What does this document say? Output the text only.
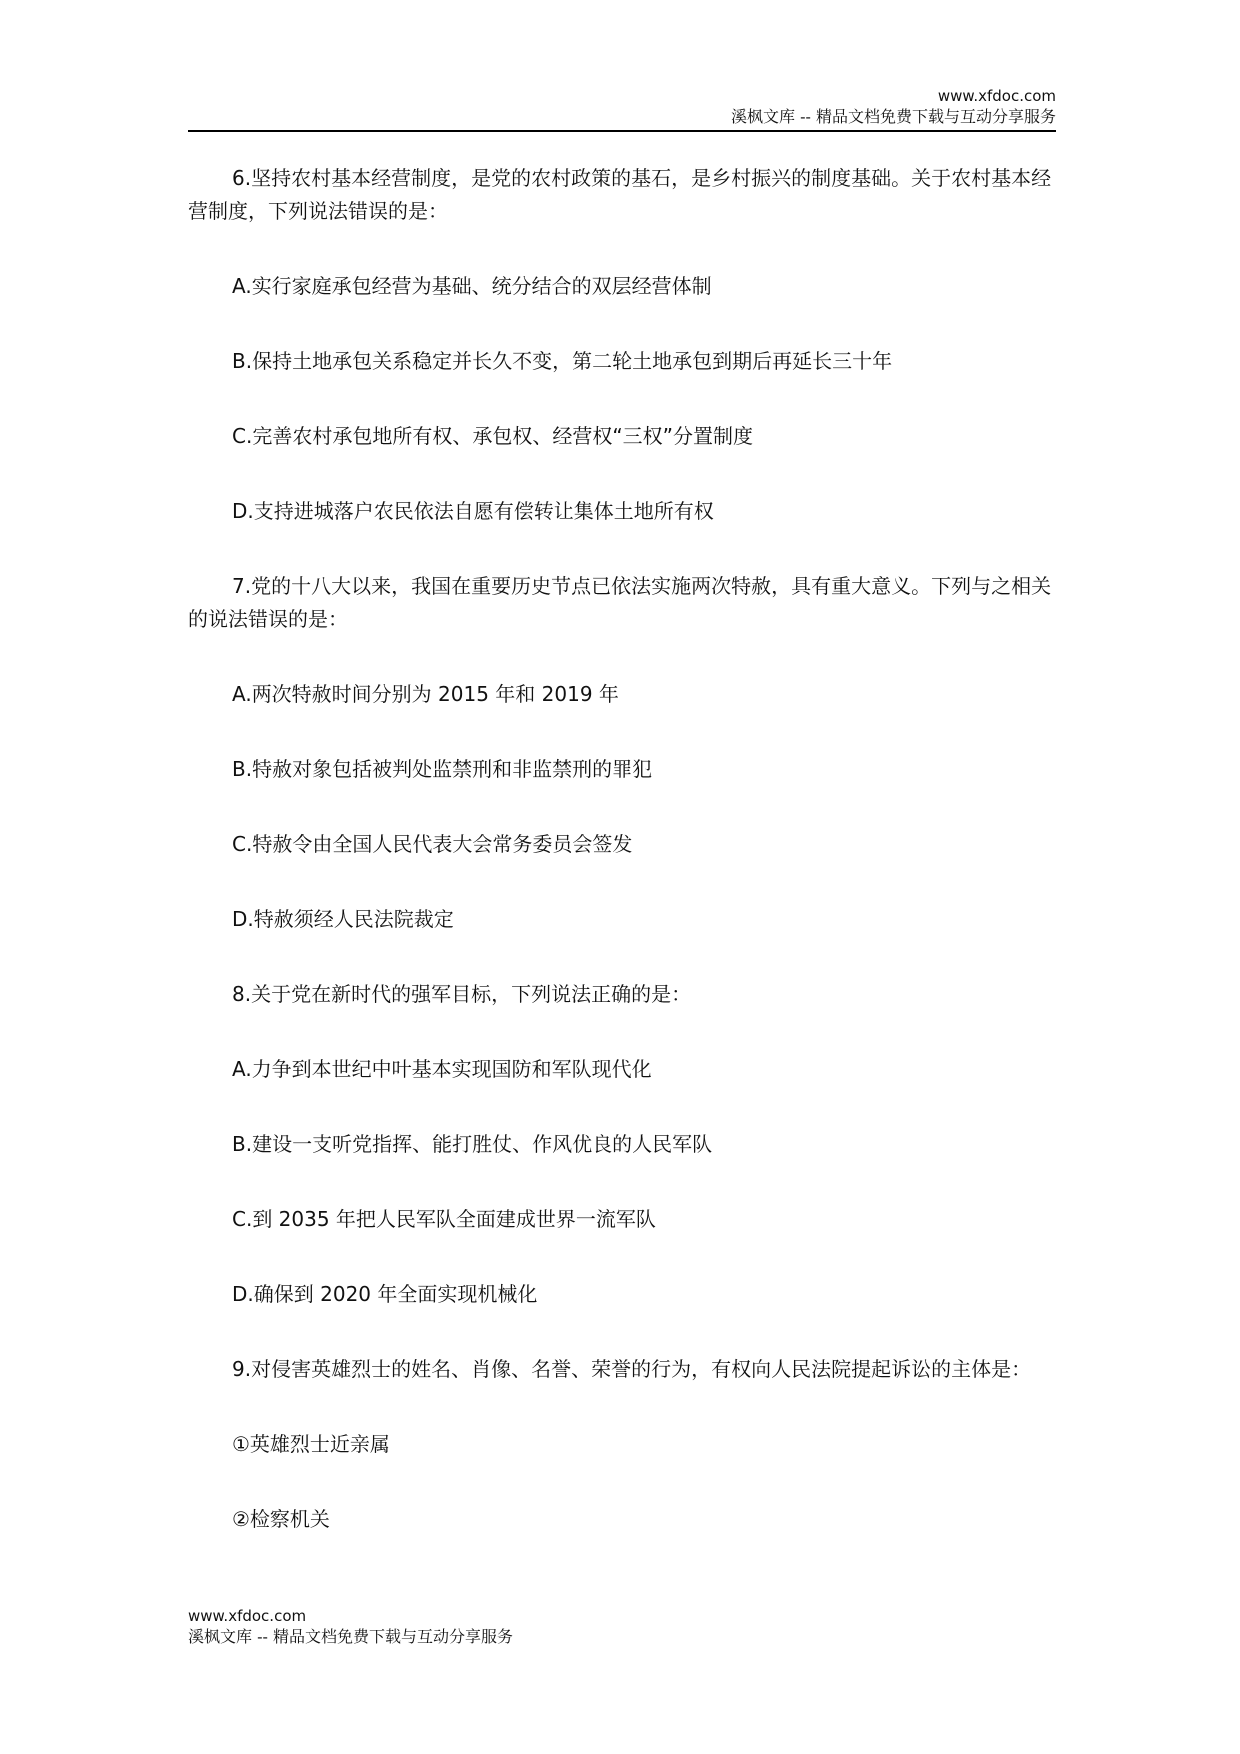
www.xfdoc.com
溪枫文库 -- 精品文档免费下载与互动分享服务

6.坚持农村基本经营制度，是党的农村政策的基石，是乡村振兴的制度基础。关于农村基本经营制度，下列说法错误的是：

A.实行家庭承包经营为基础、统分结合的双层经营体制

B.保持土地承包关系稳定并长久不变，第二轮土地承包到期后再延长三十年

C.完善农村承包地所有权、承包权、经营权“三权”分置制度

D.支持进城落户农民依法自愿有偿转让集体土地所有权

7.党的十八大以来，我国在重要历史节点已依法实施两次特赦，具有重大意义。下列与之相关的说法错误的是：

A.两次特赦时间分别为 2015 年和 2019 年

B.特赦对象包括被判处监禁刑和非监禁刑的罪犯

C.特赦令由全国人民代表大会常务委员会签发

D.特赦须经人民法院裁定

8.关于党在新时代的强军目标，下列说法正确的是：

A.力争到本世纪中叶基本实现国防和军队现代化

B.建设一支听党指挥、能打胜仗、作风优良的人民军队

C.到 2035 年把人民军队全面建成世界一流军队

D.确保到 2020 年全面实现机械化

9.对侵害英雄烈士的姓名、肖像、名誉、荣誉的行为，有权向人民法院提起诉讼的主体是：

①英雄烈士近亲属

②检察机关

www.xfdoc.com
溪枫文库 -- 精品文档免费下载与互动分享服务
